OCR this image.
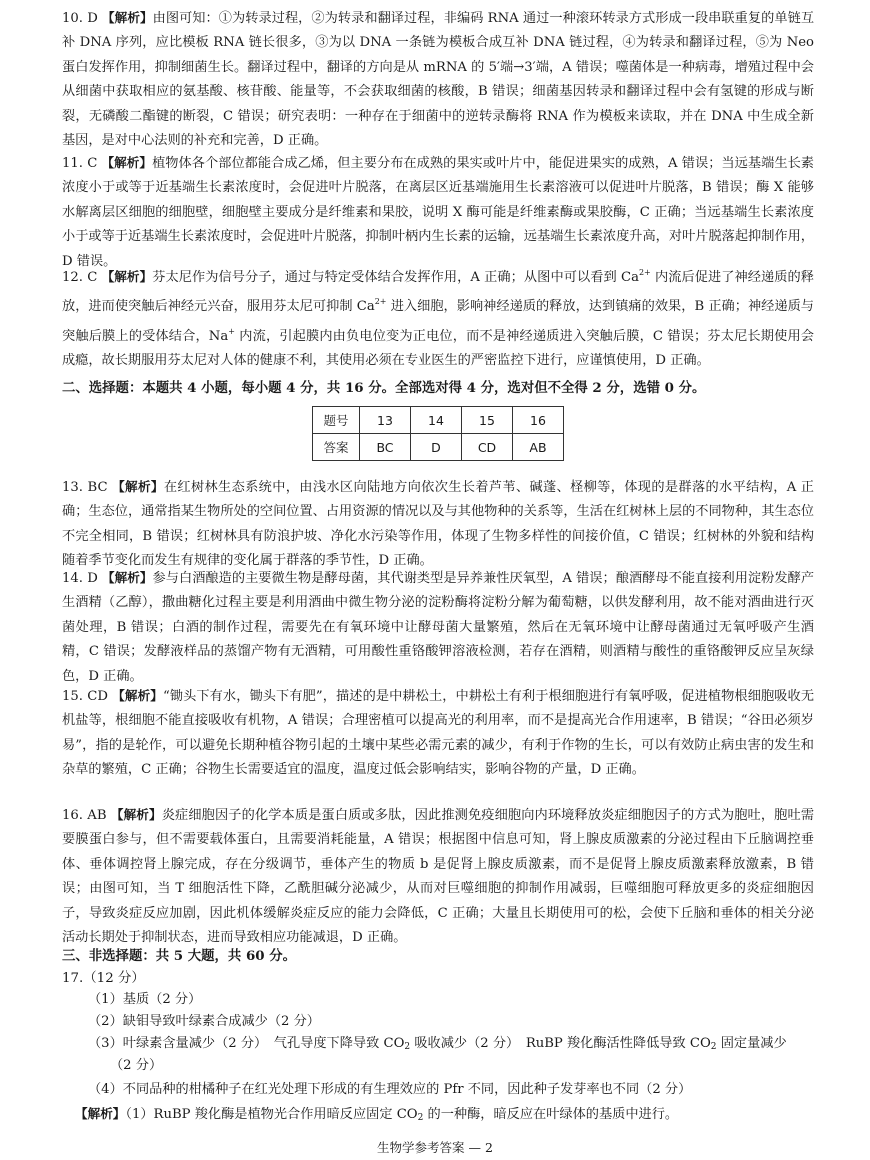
10. D 【解析】由图可知：①为转录过程，②为转录和翻译过程，非编码 RNA 通过一种滚环转录方式形成一段串联重复的单链互补 DNA 序列，应比模板 RNA 链长很多，③为以 DNA 一条链为模板合成互补 DNA 链过程，④为转录和翻译过程，⑤为 Neo 蛋白发挥作用，抑制细菌生长。翻译过程中，翻译的方向是从 mRNA 的 5′端→3′端，A 错误；噬菌体是一种病毒，增殖过程中会从细菌中获取相应的氨基酸、核苷酸、能量等，不会获取细菌的核酸，B 错误；细菌基因转录和翻译过程中会有氢键的形成与断裂，无磷酸二酯键的断裂，C 错误；研究表明：一种存在于细菌中的逆转录酶将 RNA 作为模板来读取，并在 DNA 中生成全新基因，是对中心法则的补充和完善，D 正确。
11. C 【解析】植物体各个部位都能合成乙烯，但主要分布在成熟的果实或叶片中，能促进果实的成熟，A 错误；当远基端生长素浓度小于或等于近基端生长素浓度时，会促进叶片脱落，在离层区近基端施用生长素溶液可以促进叶片脱落，B 错误；酶 X 能够水解离层区细胞的细胞壁，细胞壁主要成分是纤维素和果胶，说明 X 酶可能是纤维素酶或果胶酶，C 正确；当远基端生长素浓度小于或等于近基端生长素浓度时，会促进叶片脱落，抑制叶柄内生长素的运输，远基端生长素浓度升高，对叶片脱落起抑制作用，D 错误。
12. C 【解析】芬太尼作为信号分子，通过与特定受体结合发挥作用，A 正确；从图中可以看到 $Ca^{2+}$ 内流后促进了神经递质的释放，进而使突触后神经元兴奋，服用芬太尼可抑制 $Ca^{2+}$ 进入细胞，影响神经递质的释放，达到镇痛的效果，B 正确；神经递质与突触后膜上的受体结合，Na+ 内流，引起膜内由负电位变为正电位，而不是神经递质进入突触后膜，C 错误；芬太尼长期使用会成瘾，故长期服用芬太尼对人体的健康不利，其使用必须在专业医生的严密监控下进行，应谨慎使用，D 正确。
二、选择题：本题共 4 小题，每小题 4 分，共 16 分。全部选对得 4 分，选对但不全得 2 分，选错 0 分。
题号	13	14	15	16
答案	BC	D	CD	AB
13. BC 【解析】在红树林生态系统中，由浅水区向陆地方向依次生长着芦苇、碱蓬、柽柳等，体现的是群落的水平结构，A 正确；生态位，通常指某生物所处的空间位置、占用资源的情况以及与其他物种的关系等，生活在红树林上层的不同物种，其生态位不完全相同，B 错误；红树林具有防浪护坡、净化水污染等作用，体现了生物多样性的间接价值，C 错误；红树林的外貌和结构随着季节变化而发生有规律的变化属于群落的季节性，D 正确。
14. D 【解析】参与白酒酿造的主要微生物是酵母菌，其代谢类型是异养兼性厌氧型，A 错误；酿酒酵母不能直接利用淀粉发酵产生酒精（乙醇），撒曲糖化过程主要是利用酒曲中微生物分泌的淀粉酶将淀粉分解为葡萄糖，以供发酵利用，故不能对酒曲进行灭菌处理，B 错误；白酒的制作过程，需要先在有氧环境中让酵母菌大量繁殖，然后在无氧环境中让酵母菌通过无氧呼吸产生酒精，C 错误；发酵液样品的蒸馏产物有无酒精，可用酸性重铬酸钾溶液检测，若存在酒精，则酒精与酸性的重铬酸钾反应呈灰绿色，D 正确。
15. CD 【解析】“锄头下有水，锄头下有肥”，描述的是中耕松土，中耕松土有利于根细胞进行有氧呼吸，促进植物根细胞吸收无机盐等，根细胞不能直接吸收有机物，A 错误；合理密植可以提高光的利用率，而不是提高光合作用速率，B 错误；“谷田必须岁易”，指的是轮作，可以避免长期种植谷物引起的土壤中某些必需元素的减少，有利于作物的生长，可以有效防止病虫害的发生和杂草的繁殖，C 正确；谷物生长需要适宜的温度，温度过低会影响结实，影响谷物的产量，D 正确。
16. AB 【解析】炎症细胞因子的化学本质是蛋白质或多肽，因此推测免疫细胞向内环境释放炎症细胞因子的方式为胞吐，胞吐需要膜蛋白参与，但不需要载体蛋白，且需要消耗能量，A 错误；根据图中信息可知，肾上腺皮质激素的分泌过程由下丘脑调控垂体、垂体调控肾上腺完成，存在分级调节，垂体产生的物质 b 是促肾上腺皮质激素，而不是促肾上腺皮质激素释放激素，B 错误；由图可知，当 T 细胞活性下降，乙酰胆碱分泌减少，从而对巨噬细胞的抑制作用减弱，巨噬细胞可释放更多的炎症细胞因子，导致炎症反应加剧，因此机体缓解炎症反应的能力会降低，C 正确；大量且长期使用可的松，会使下丘脑和垂体的相关分泌活动长期处于抑制状态，进而导致相应功能减退，D 正确。
三、非选择题：共 5 大题，共 60 分。
17.（12 分）
（1）基质（2 分）
（2）缺钼导致叶绿素合成减少（2 分）
（3）叶绿素含量减少（2 分）　气孔导度下降导致 $CO_2$ 吸收减少（2 分）　RuBP 羧化酶活性降低导致 $CO_2$ 固定量减少
（2 分）
（4）不同品种的柑橘种子在红光处理下形成的有生理效应的 Pfr 不同，因此种子发芽率也不同（2 分）
【解析】（1）RuBP 羧化酶是植物光合作用暗反应固定 $CO_2$ 的一种酶，暗反应在叶绿体的基质中进行。
生物学参考答案 — 2
